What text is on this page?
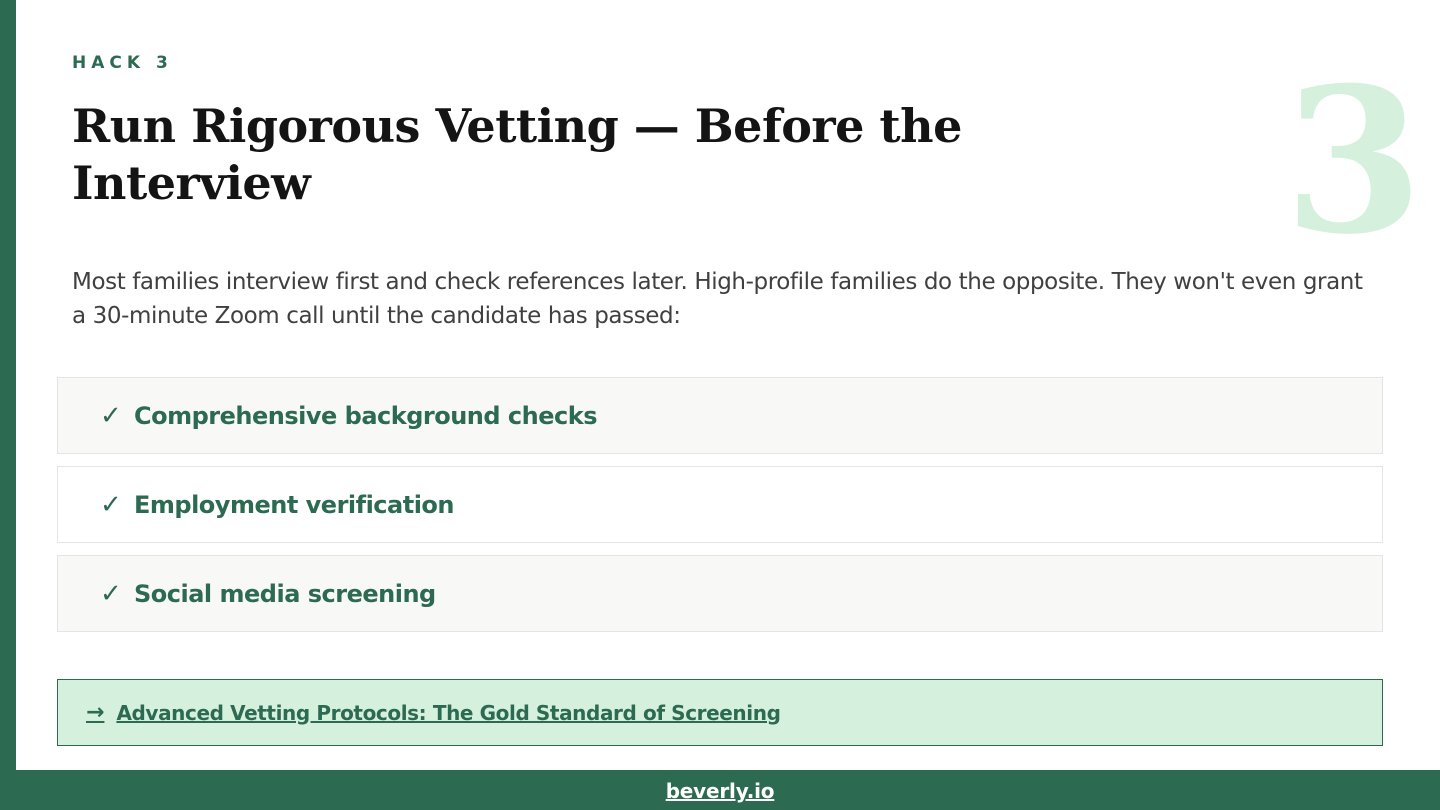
HACK 3
Run Rigorous Vetting — Before the Interview	3

Most families interview first and check references later. High-profile families do the opposite. They won't even grant a 30-minute Zoom call until the candidate has passed:

✓ Comprehensive background checks
✓ Employment verification
✓ Social media screening
→ Advanced Vetting Protocols: The Gold Standard of Screening
beverly.io
